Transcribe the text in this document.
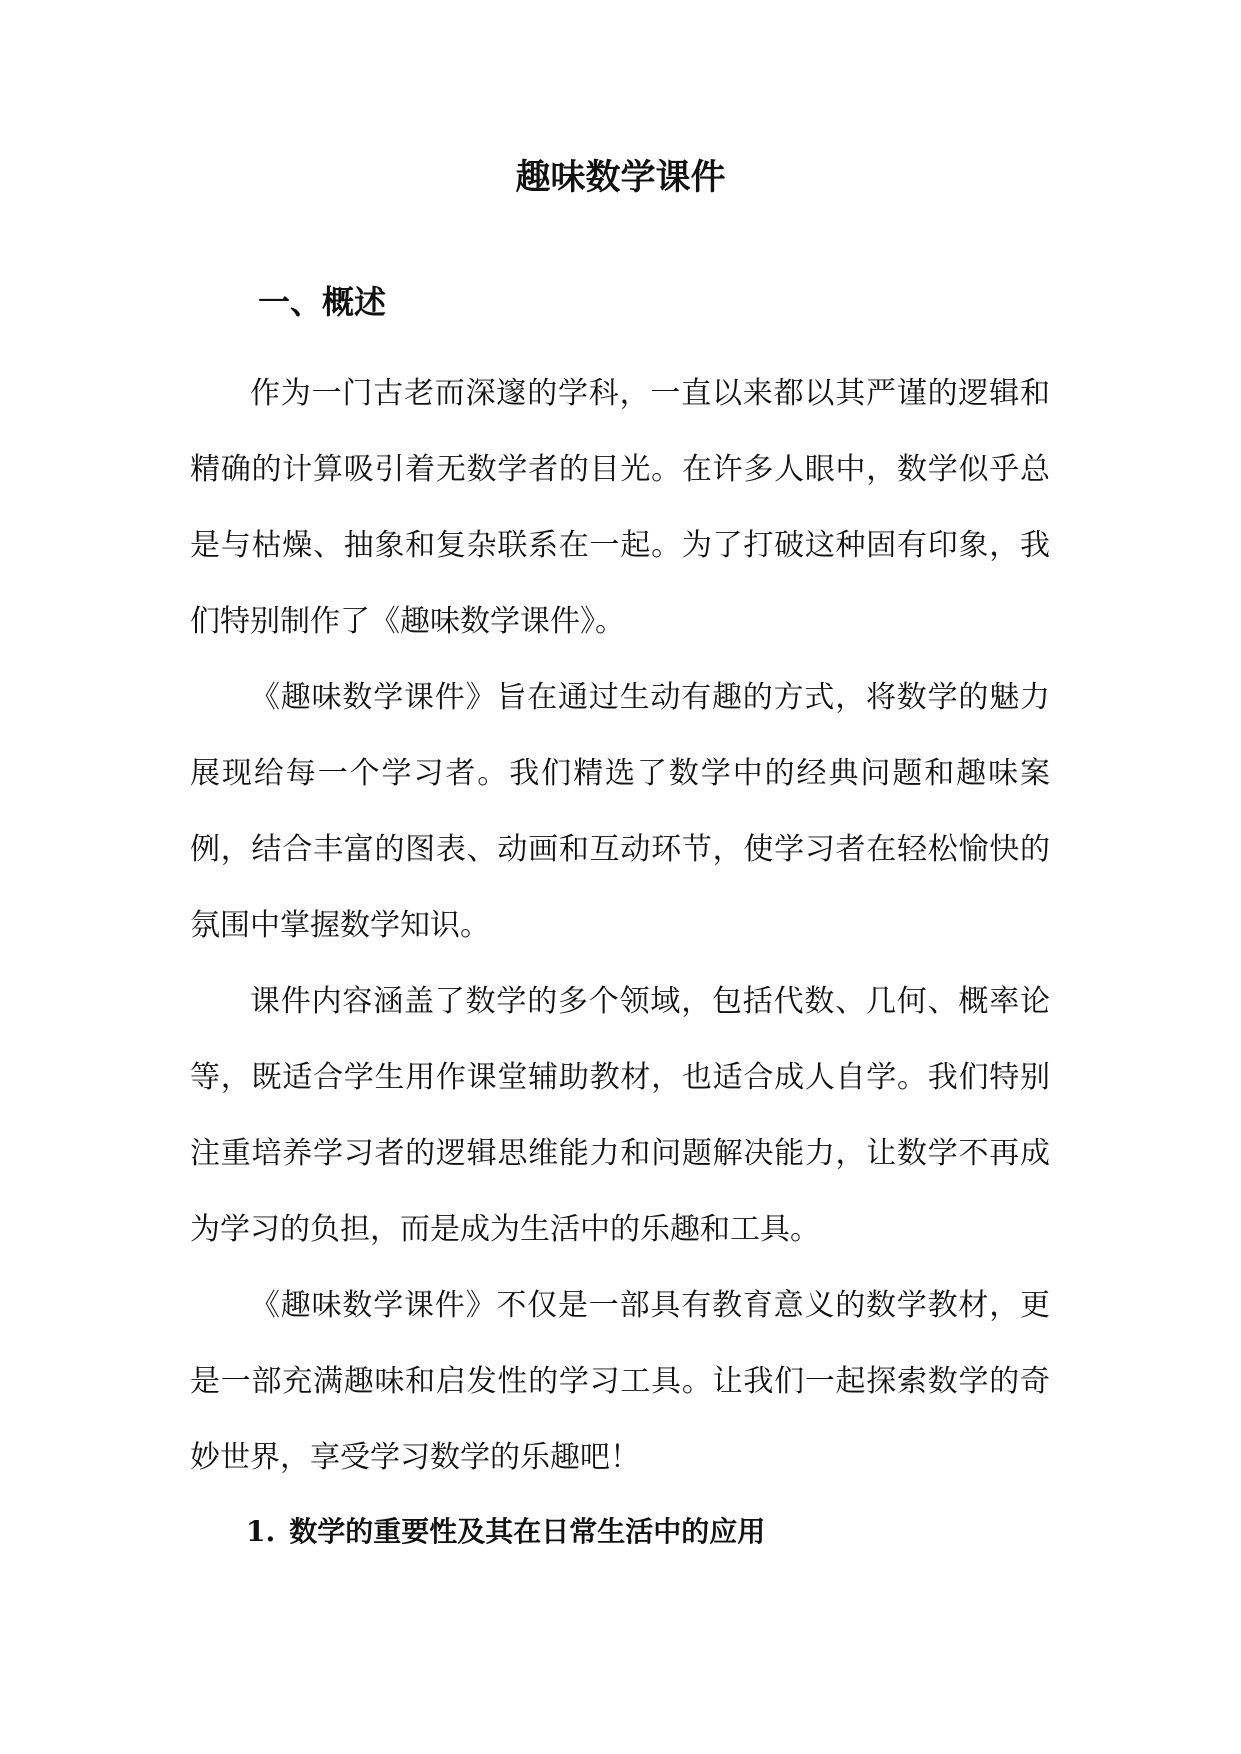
趣味数学课件
一、概述

作为一门古老而深邃的学科，一直以来都以其严谨的逻辑和精确的计算吸引着无数学者的目光。在许多人眼中，数学似乎总是与枯燥、抽象和复杂联系在一起。为了打破这种固有印象，我们特别制作了《趣味数学课件》。

《趣味数学课件》旨在通过生动有趣的方式，将数学的魅力展现给每一个学习者。我们精选了数学中的经典问题和趣味案例，结合丰富的图表、动画和互动环节，使学习者在轻松愉快的氛围中掌握数学知识。

课件内容涵盖了数学的多个领域，包括代数、几何、概率论等，既适合学生用作课堂辅助教材，也适合成人自学。我们特别注重培养学习者的逻辑思维能力和问题解决能力，让数学不再成为学习的负担，而是成为生活中的乐趣和工具。

《趣味数学课件》不仅是一部具有教育意义的数学教材，更是一部充满趣味和启发性的学习工具。让我们一起探索数学的奇妙世界，享受学习数学的乐趣吧！

1. 数学的重要性及其在日常生活中的应用
